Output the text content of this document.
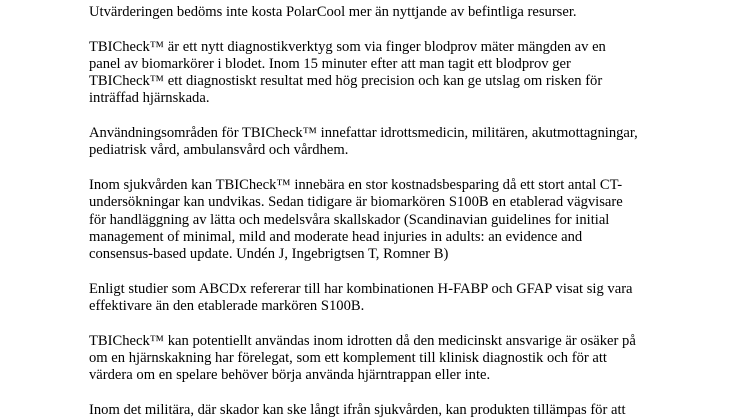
Utvärderingen bedöms inte kosta PolarCool mer än nyttjande av befintliga resurser.

TBICheck™ är ett nytt diagnostikverktyg som via finger blodprov mäter mängden av en
panel av biomarkörer i blodet. Inom 15 minuter efter att man tagit ett blodprov ger
TBICheck™ ett diagnostiskt resultat med hög precision och kan ge utslag om risken för
inträffad hjärnskada.

Användningsområden för TBICheck™ innefattar idrottsmedicin, militären, akutmottagningar,
pediatrisk vård, ambulansvård och vårdhem.

Inom sjukvården kan TBICheck™ innebära en stor kostnadsbesparing då ett stort antal CT-
undersökningar kan undvikas. Sedan tidigare är biomarkören S100B en etablerad vägvisare
för handläggning av lätta och medelsvåra skallskador (Scandinavian guidelines for initial
management of minimal, mild and moderate head injuries in adults: an evidence and
consensus-based update. Undén J, Ingebrigtsen T, Romner B)

Enligt studier som ABCDx refererar till har kombinationen H-FABP och GFAP visat sig vara
effektivare än den etablerade markören S100B.

TBICheck™ kan potentiellt användas inom idrotten då den medicinskt ansvarige är osäker på
om en hjärnskakning har förelegat, som ett komplement till klinisk diagnostik och för att
värdera om en spelare behöver börja använda hjärntrappan eller inte.

Inom det militära, där skador kan ske långt ifrån sjukvården, kan produkten tillämpas för att
